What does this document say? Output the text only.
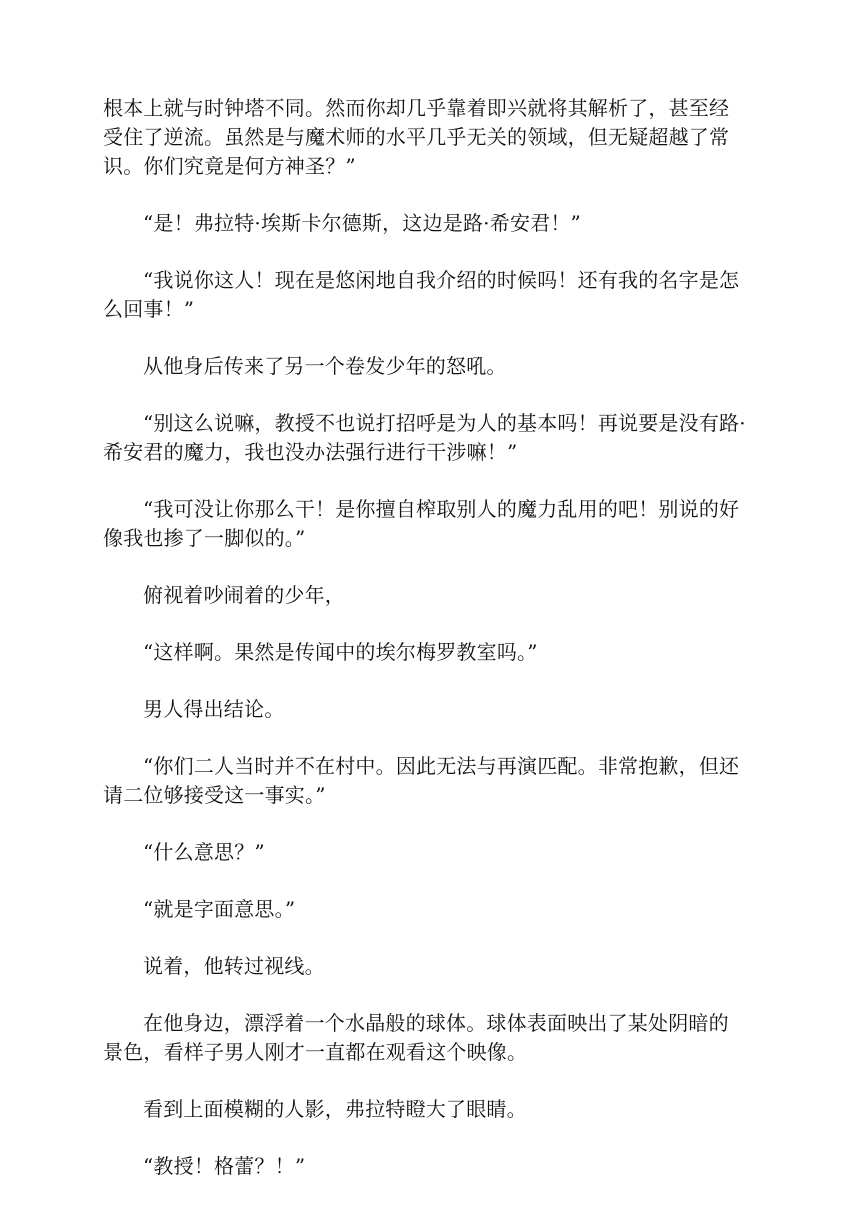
根本上就与时钟塔不同。然而你却几乎靠着即兴就将其解析了，甚至经受住了逆流。虽然是与魔术师的水平几乎无关的领域，但无疑超越了常识。你们究竟是何方神圣？”

“是！弗拉特·埃斯卡尔德斯，这边是路·希安君！”

“我说你这人！现在是悠闲地自我介绍的时候吗！还有我的名字是怎么回事！”

从他身后传来了另一个卷发少年的怒吼。

“别这么说嘛，教授不也说打招呼是为人的基本吗！再说要是没有路·希安君的魔力，我也没办法强行进行干涉嘛！”

“我可没让你那么干！是你擅自榨取别人的魔力乱用的吧！别说的好像我也掺了一脚似的。”

俯视着吵闹着的少年，

“这样啊。果然是传闻中的埃尔梅罗教室吗。”

男人得出结论。

“你们二人当时并不在村中。因此无法与再演匹配。非常抱歉，但还请二位够接受这一事实。”

“什么意思？”

“就是字面意思。”

说着，他转过视线。

在他身边，漂浮着一个水晶般的球体。球体表面映出了某处阴暗的景色，看样子男人刚才一直都在观看这个映像。

看到上面模糊的人影，弗拉特瞪大了眼睛。

“教授！格蕾？！”
